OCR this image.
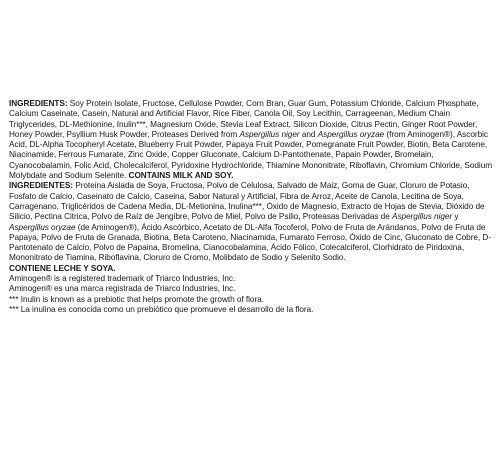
INGREDIENTS: Soy Protein Isolate, Fructose, Cellulose Powder, Corn Bran, Guar Gum, Potassium Chloride, Calcium Phosphate, Calcium Caseinate, Casein, Natural and Artificial Flavor, Rice Fiber, Canola Oil, Soy Lecithin, Carrageenan, Medium Chain Triglycerides, DL-Methionine, Inulin***, Magnesium Oxide, Stevia Leaf Extract, Silicon Dioxide, Citrus Pectin, Ginger Root Powder, Honey Powder, Psyllium Husk Powder, Proteases Derived from Aspergillus niger and Aspergillus oryzae (from Aminogen®), Ascorbic Acid, DL-Alpha Tocopheryl Acetate, Blueberry Fruit Powder, Papaya Fruit Powder, Pomegranate Fruit Powder, Biotin, Beta Carotene, Niacinamide, Ferrous Fumarate, Zinc Oxide, Copper Gluconate, Calcium D-Pantothenate, Papain Powder, Bromelain, Cyanocobalamin, Folic Acid, Cholecalciferol, Pyridoxine Hydrochloride, Thiamine Mononitrate, Riboflavin, Chromium Chloride, Sodium Molybdate and Sodium Selenite. CONTAINS MILK AND SOY.

INGREDIENTES: Proteina Aislada de Soya, Fructosa, Polvo de Celulosa, Salvado de Maiz, Goma de Guar, Cloruro de Potasio, Fosfato de Calcio, Caseinato de Calcio, Caseina, Sabor Natural y Artificial, Fibra de Arroz, Aceite de Canola, Lecitina de Soya, Carragenano, Triglicéridos de Cadena Media, DL-Metionina, Inulina***, Óxido de Magnesio, Extracto de Hojas de Stevia, Dióxido de Silicio, Pectina Citrica, Polvo de Raíz de Jengibre, Polvo de Miel, Polvo de Psilio, Proteasas Derivadas de Aspergillus niger y Aspergillus oryzae (de Aminogen®), Ácido Ascórbico, Acetato de DL-Alfa Tocoferol, Polvo de Fruta de Arándanos, Polvo de Fruta de Papaya, Polvo de Fruta de Granada, Biotina, Beta Caroteno, Niacinamida, Fumarato Ferroso, Óxido de Cinc, Gluconato de Cobre, D-Pantotenato de Calcio, Polvo de Papaina, Bromelina, Cianocobalamina, Ácido Fólico, Colecalciferol, Clorhidrato de Piridoxina, Mononitrato de Tiamina, Riboflavina, Cloruro de Cromo, Molibdato de Sodio y Selenito Sodio.

CONTIENE LECHE Y SOYA.

Aminogen® is a registered trademark of Triarco Industries, Inc.

Aminogen® es una marca registrada de Triarco Industries, Inc.

*** Inulin is known as a prebiotic that helps promote the growth of flora.

*** La inulina es conocida como un prebiótico que promueve el desarrollo de la flora.
